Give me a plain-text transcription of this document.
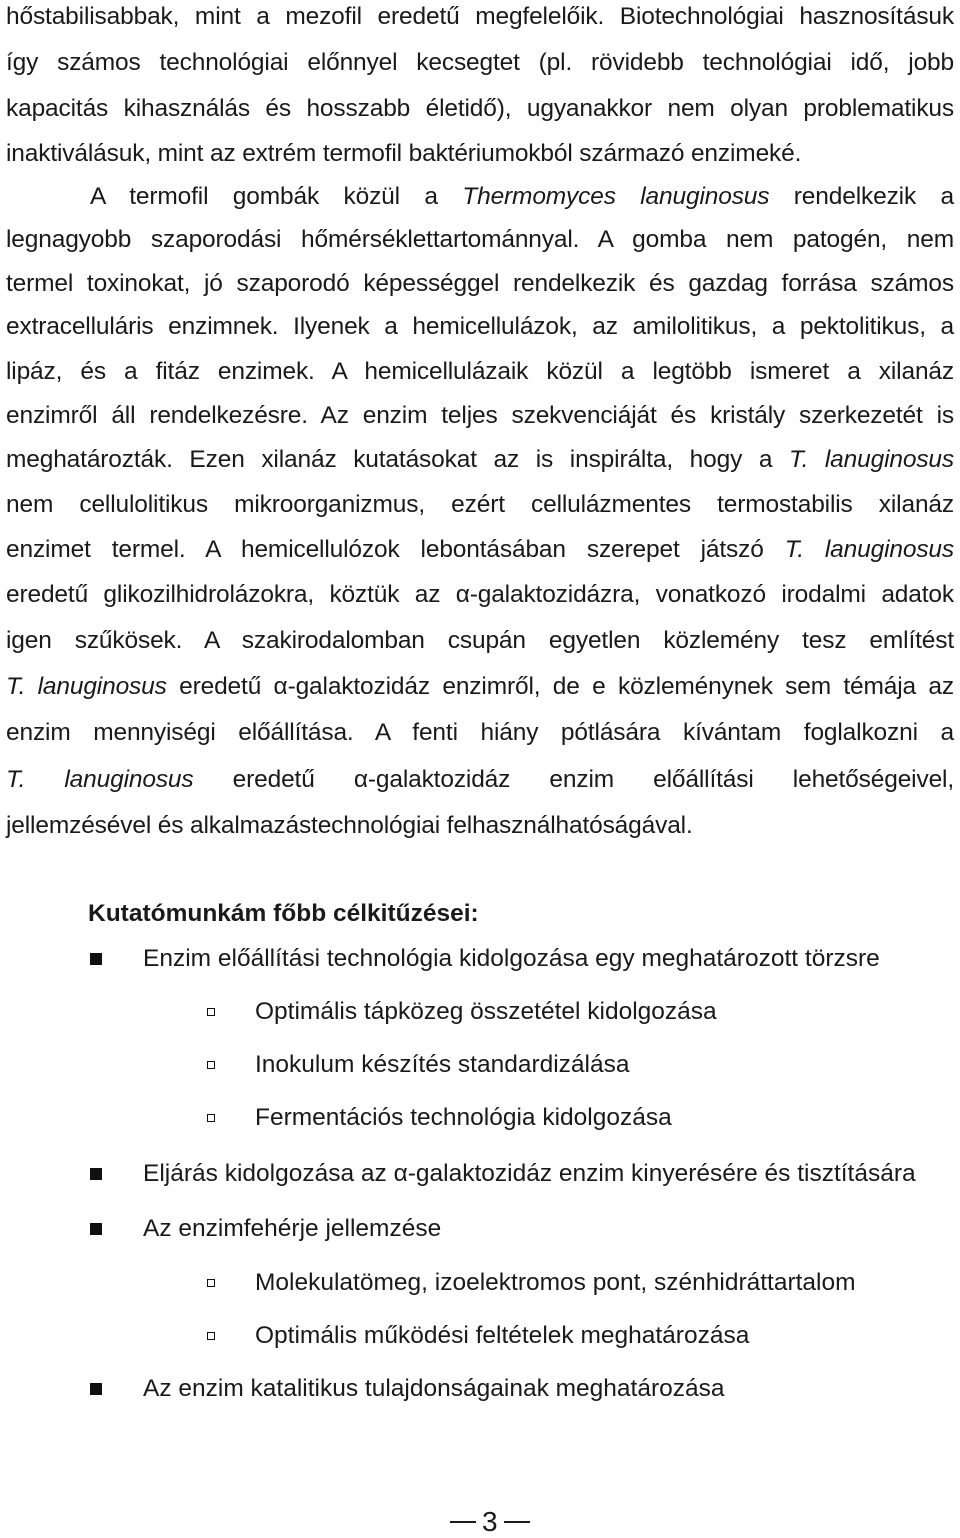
hőstabilisabbak, mint a mezofil eredetű megfelelőik. Biotechnológiai hasznosításuk
így számos technológiai előnnyel kecsegtet (pl. rövidebb technológiai idő, jobb
kapacitás kihasználás és hosszabb életidő), ugyanakkor nem olyan problematikus
inaktiválásuk, mint az extrém termofil baktériumokból származó enzimeké.
A termofil gombák közül a Thermomyces lanuginosus rendelkezik a
legnagyobb szaporodási hőmérséklettartománnyal. A gomba nem patogén, nem
termel toxinokat, jó szaporodó képességgel rendelkezik és gazdag forrása számos
extracelluláris enzimnek. Ilyenek a hemicellulázok, az amilolitikus, a pektolitikus, a
lipáz, és a fitáz enzimek. A hemicellulázaik közül a legtöbb ismeret a xilanáz
enzimről áll rendelkezésre. Az enzim teljes szekvenciáját és kristály szerkezetét is
meghatározták. Ezen xilanáz kutatásokat az is inspirálta, hogy a T. lanuginosus
nem cellulolitikus mikroorganizmus, ezért cellulázmentes termostabilis xilanáz
enzimet termel. A hemicellulózok lebontásában szerepet játszó T. lanuginosus
eredetű glikozilhidrolázokra, köztük az α-galaktozidázra, vonatkozó irodalmi adatok
igen szűkösek. A szakirodalomban csupán egyetlen közlemény tesz említést
T. lanuginosus eredetű α-galaktozidáz enzimről, de e közleménynek sem témája az
enzim mennyiségi előállítása. A fenti hiány pótlására kívántam foglalkozni a
T. lanuginosus eredetű α-galaktozidáz enzim előállítási lehetőségeivel,
jellemzésével és alkalmazástechnológiai felhasználhatóságával.
Kutatómunkám főbb célkitűzései:
Enzim előállítási technológia kidolgozása egy meghatározott törzsre
Optimális tápközeg összetétel kidolgozása
Inokulum készítés standardizálása
Fermentációs technológia kidolgozása
Eljárás kidolgozása az α-galaktozidáz enzim kinyerésére és tisztítására
Az enzimfehérje jellemzése
Molekulatömeg, izoelektromos pont, szénhidráttartalom
Optimális működési feltételek meghatározása
Az enzim katalitikus tulajdonságainak meghatározása
3
